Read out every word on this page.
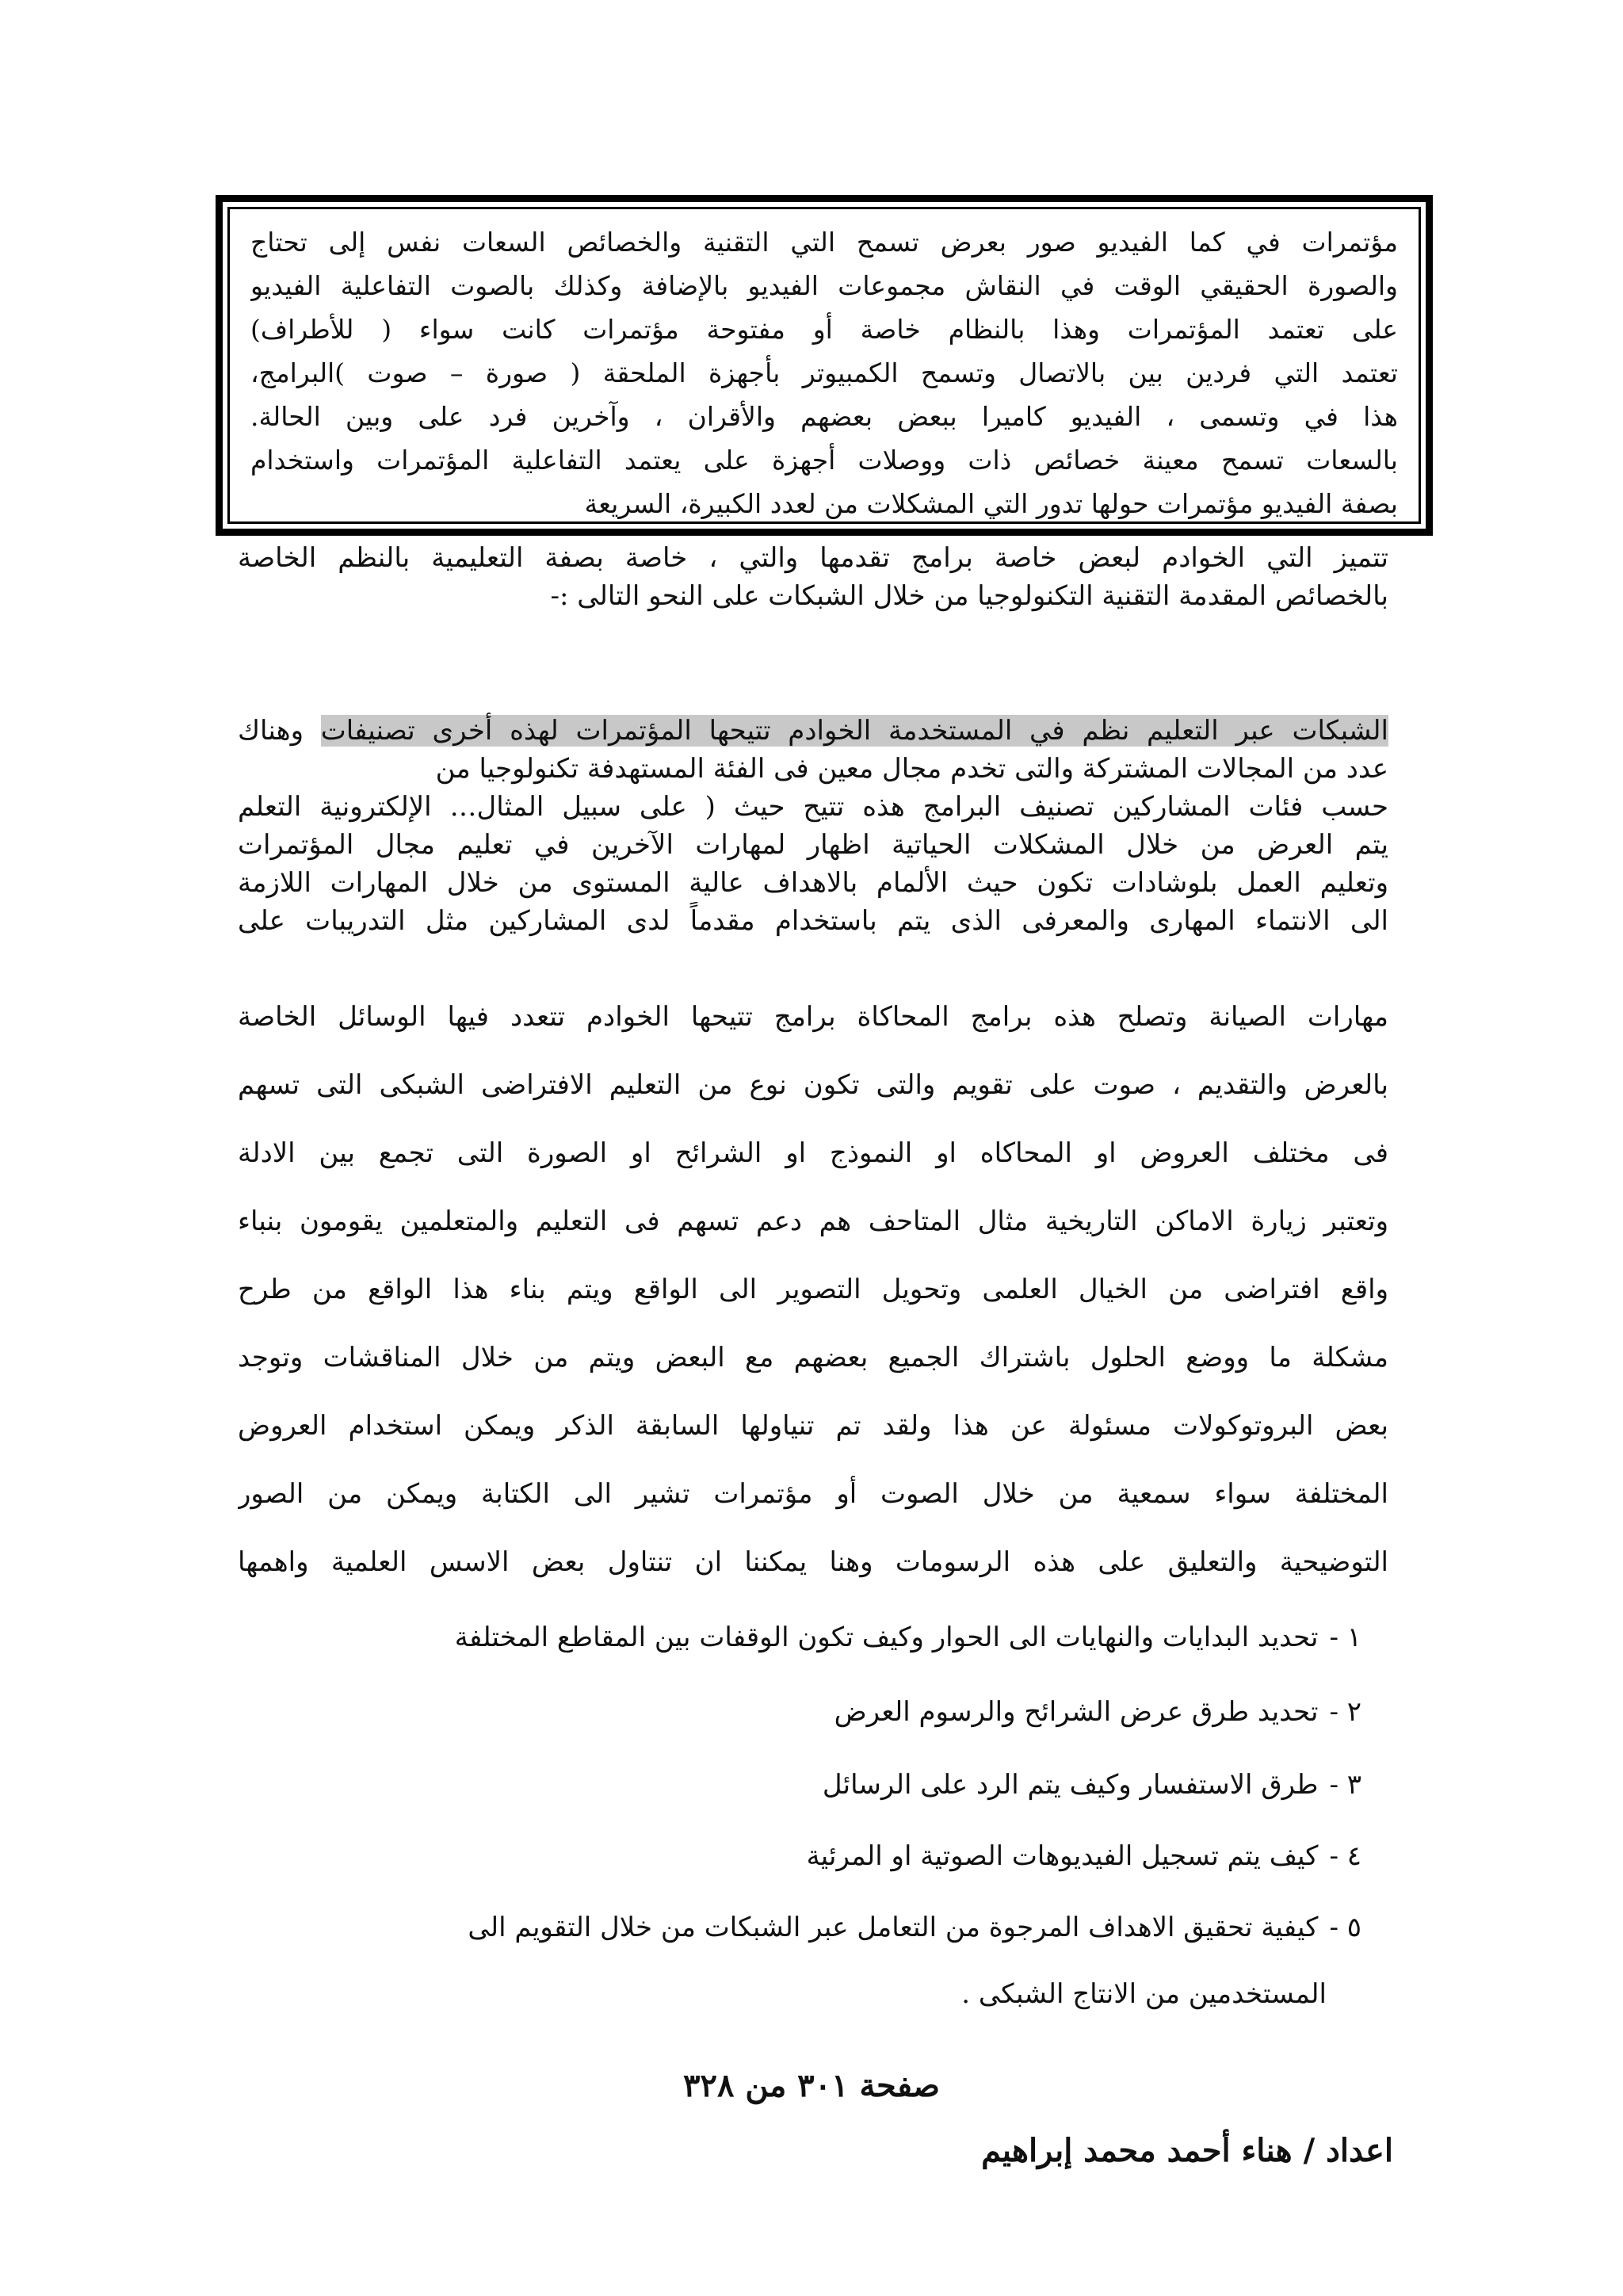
مؤتمرات في كما الفيديو صور بعرض تسمح التي التقنية والخصائص السعات نفس إلى تحتاج
والصورة الحقيقي الوقت في النقاش مجموعات الفيديو بالإضافة وكذلك بالصوت التفاعلية الفيديو
على تعتمد المؤتمرات وهذا بالنظام خاصة أو مفتوحة مؤتمرات كانت سواء ( للأطراف)
تعتمد التي فردين بين بالاتصال وتسمح الكمبيوتر بأجهزة الملحقة ( صورة – صوت )البرامج،
هذا في وتسمى ، الفيديو كاميرا ببعض بعضهم والأقران ، وآخرين فرد على وبين الحالة.
بالسعات تسمح معينة خصائص ذات ووصلات أجهزة على يعتمد التفاعلية المؤتمرات واستخدام
بصفة الفيديو مؤتمرات حولها تدور التي المشكلات من لعدد الكبيرة، السريعة
تتميز التي الخوادم لبعض خاصة برامج تقدمها والتي ، خاصة بصفة التعليمية بالنظم الخاصة
بالخصائص المقدمة التقنية التكنولوجيا من خلال الشبكات على النحو التالى :-
الشبكات عبر التعليم نظم في المستخدمة الخوادم تتيحها المؤتمرات لهذه أخرى تصنيفات وهناك
عدد من المجالات المشتركة والتى تخدم مجال معين فى الفئة المستهدفة تكنولوجيا من
حسب فئات المشاركين تصنيف البرامج هذه تتيح حيث ( على سبيل المثال… الإلكترونية التعلم
يتم العرض من خلال المشكلات الحياتية اظهار لمهارات الآخرين في تعليم مجال المؤتمرات
وتعليم العمل بلوشادات تكون حيث الألمام بالاهداف عالية المستوى من خلال المهارات اللازمة
الى الانتماء المهارى والمعرفى الذى يتم باستخدام مقدماً لدى المشاركين مثل التدريبات على
مهارات الصيانة وتصلح هذه برامج المحاكاة برامج تتيحها الخوادم تتعدد فيها الوسائل الخاصة
بالعرض والتقديم ، صوت على تقويم والتى تكون نوع من التعليم الافتراضى الشبكى التى تسهم
فى مختلف العروض او المحاكاه او النموذج او الشرائح او الصورة التى تجمع بين الادلة
وتعتبر زيارة الاماكن التاريخية مثال المتاحف هم دعم تسهم فى التعليم والمتعلمين يقومون بنباء
واقع افتراضى من الخيال العلمى وتحويل التصوير الى الواقع ويتم بناء هذا الواقع من طرح
مشكلة ما ووضع الحلول باشتراك الجميع بعضهم مع البعض ويتم من خلال المناقشات وتوجد
بعض البروتوكولات مسئولة عن هذا ولقد تم تنياولها السابقة الذكر ويمكن استخدام العروض
المختلفة سواء سمعية من خلال الصوت أو مؤتمرات تشير الى الكتابة ويمكن من الصور
التوضيحية والتعليق على هذه الرسومات وهنا يمكننا ان تنتاول بعض الاسس العلمية واهمها
١ -تحديد البدايات والنهايات الى الحوار وكيف تكون الوقفات بين المقاطع المختلفة
٢ -تحديد طرق عرض الشرائح والرسوم العرض
٣ -طرق الاستفسار وكيف يتم الرد على الرسائل
٤ -كيف يتم تسجيل الفيديوهات الصوتية او المرئية
٥ -كيفية تحقيق الاهداف المرجوة من التعامل عبر الشبكات من خلال التقويم الى
المستخدمين من الانتاج الشبكى .
صفحة ٣٠١ من ٣٢٨
اعداد / هناء أحمد محمد إبراهيم
